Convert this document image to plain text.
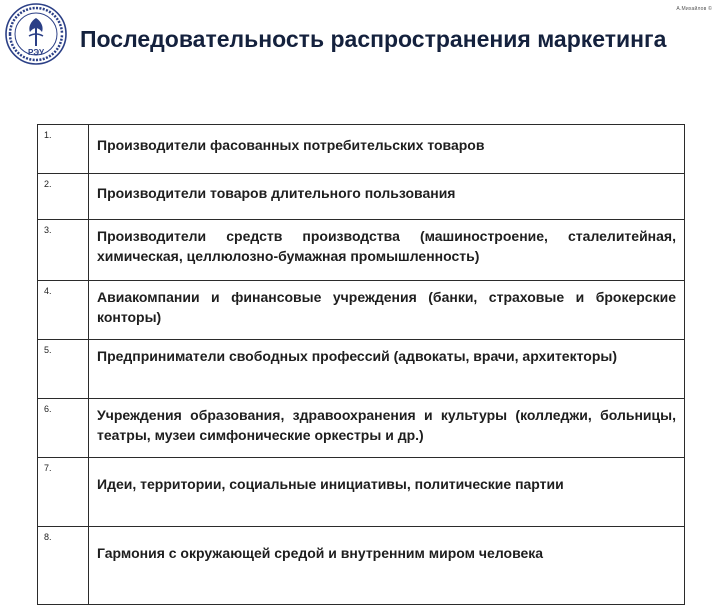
РЭУ
А.Михайлов ©
Последовательность распространения маркетинга
1.	Производители фасованных потребительских товаров
2.	Производители товаров длительного пользования
3.	Производители средств производства (машиностроение, сталелитейная, химическая, целлюлозно-бумажная промышленность)
4.	Авиакомпании и финансовые учреждения (банки, страховые и брокерские конторы)
5.	Предприниматели свободных профессий (адвокаты, врачи, архитекторы)
6.	Учреждения образования, здравоохранения и культуры (колледжи, больницы, театры, музеи симфонические оркестры и др.)
7.	Идеи, территории, социальные инициативы, политические партии
8.	Гармония с окружающей средой и внутренним миром человека
